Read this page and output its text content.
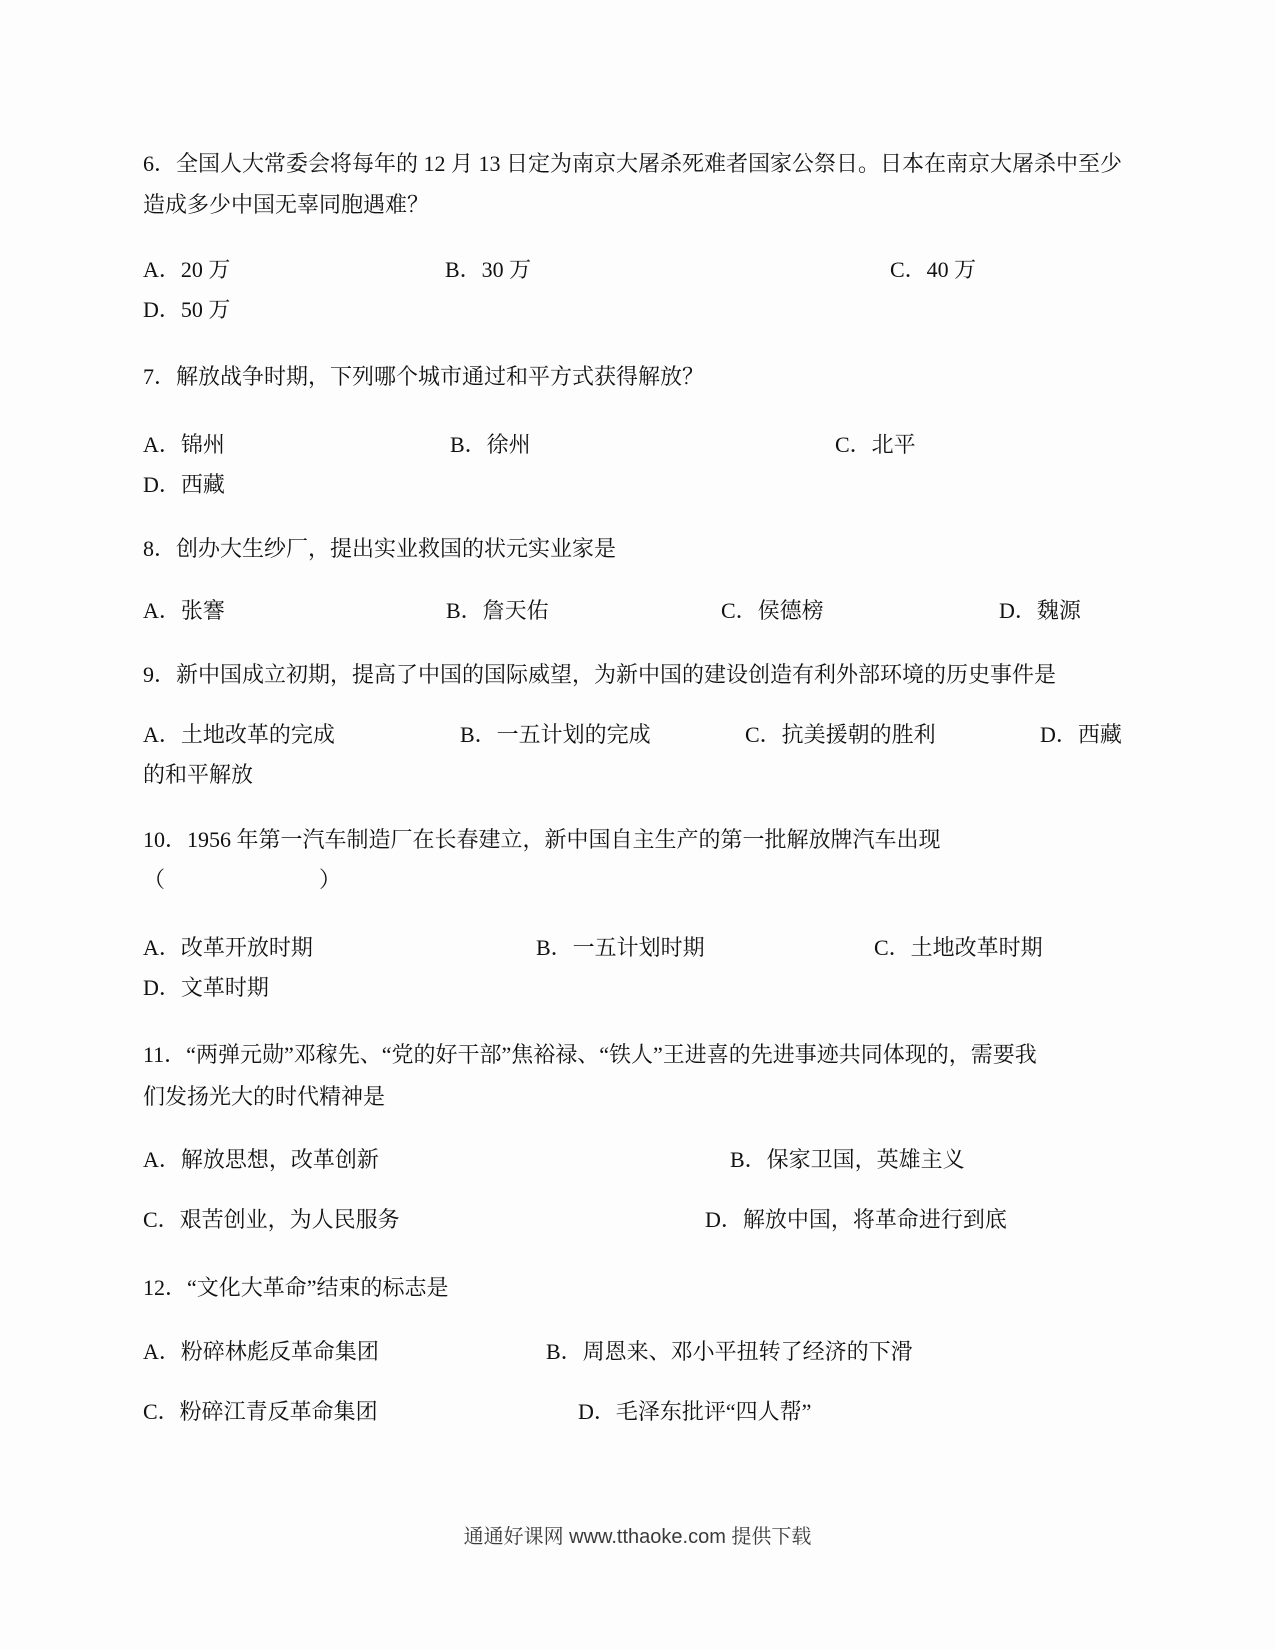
6．全国人大常委会将每年的 12 月 13 日定为南京大屠杀死难者国家公祭日。日本在南京大屠杀中至少
造成多少中国无辜同胞遇难？
A．20 万	B．30 万	C．40 万
D．50 万
7．解放战争时期，下列哪个城市通过和平方式获得解放？
A．锦州	B．徐州	C．北平
D．西藏
8．创办大生纱厂，提出实业救国的状元实业家是
A．张謇	B．詹天佑	C．侯德榜	D．魏源
9．新中国成立初期，提高了中国的国际威望，为新中国的建设创造有利外部环境的历史事件是
A．土地改革的完成	B．一五计划的完成	C．抗美援朝的胜利	D．西藏
的和平解放
10．1956 年第一汽车制造厂在长春建立，新中国自主生产的第一批解放牌汽车出现
（　　　　　　　）
A．改革开放时期	B．一五计划时期	C．土地改革时期
D．文革时期
11．“两弹元勋”邓稼先、“党的好干部”焦裕禄、“铁人”王进喜的先进事迹共同体现的，需要我
们发扬光大的时代精神是
A．解放思想，改革创新	B．保家卫国，英雄主义
C．艰苦创业，为人民服务	D．解放中国，将革命进行到底
12．“文化大革命”结束的标志是
A．粉碎林彪反革命集团	B．周恩来、邓小平扭转了经济的下滑
C．粉碎江青反革命集团	D．毛泽东批评“四人帮”
通通好课网 www.tthaoke.com 提供下载
